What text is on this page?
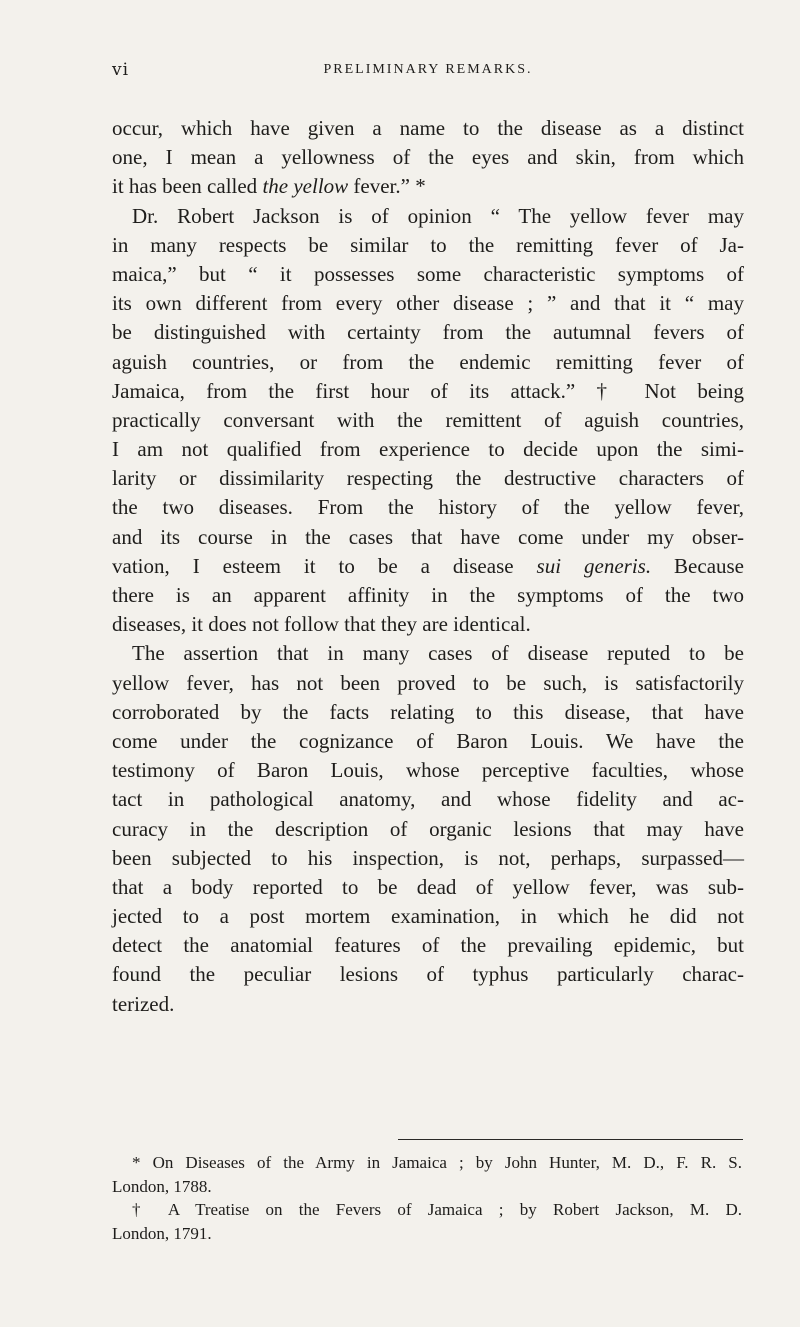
vi	PRELIMINARY REMARKS.
occur, which have given a name to the disease as a distinct
one, I mean a yellowness of the eyes and skin, from which
it has been called the yellow fever.” *
Dr. Robert Jackson is of opinion “ The yellow fever may
in many respects be similar to the remitting fever of Ja-
maica,” but “ it possesses some characteristic symptoms of
its own different from every other disease ; ” and that it “ may
be distinguished with certainty from the autumnal fevers of
aguish countries, or from the endemic remitting fever of
Jamaica, from the first hour of its attack.” † Not being
practically conversant with the remittent of aguish countries,
I am not qualified from experience to decide upon the simi-
larity or dissimilarity respecting the destructive characters of
the two diseases. From the history of the yellow fever,
and its course in the cases that have come under my obser-
vation, I esteem it to be a disease sui generis. Because
there is an apparent affinity in the symptoms of the two
diseases, it does not follow that they are identical.
The assertion that in many cases of disease reputed to be
yellow fever, has not been proved to be such, is satisfactorily
corroborated by the facts relating to this disease, that have
come under the cognizance of Baron Louis. We have the
testimony of Baron Louis, whose perceptive faculties, whose
tact in pathological anatomy, and whose fidelity and ac-
curacy in the description of organic lesions that may have
been subjected to his inspection, is not, perhaps, surpassed—
that a body reported to be dead of yellow fever, was sub-
jected to a post mortem examination, in which he did not
detect the anatomial features of the prevailing epidemic, but
found the peculiar lesions of typhus particularly charac-
terized.
* On Diseases of the Army in Jamaica ; by John Hunter, M. D., F. R. S.
London, 1788.
† A Treatise on the Fevers of Jamaica ; by Robert Jackson, M. D.
London, 1791.
